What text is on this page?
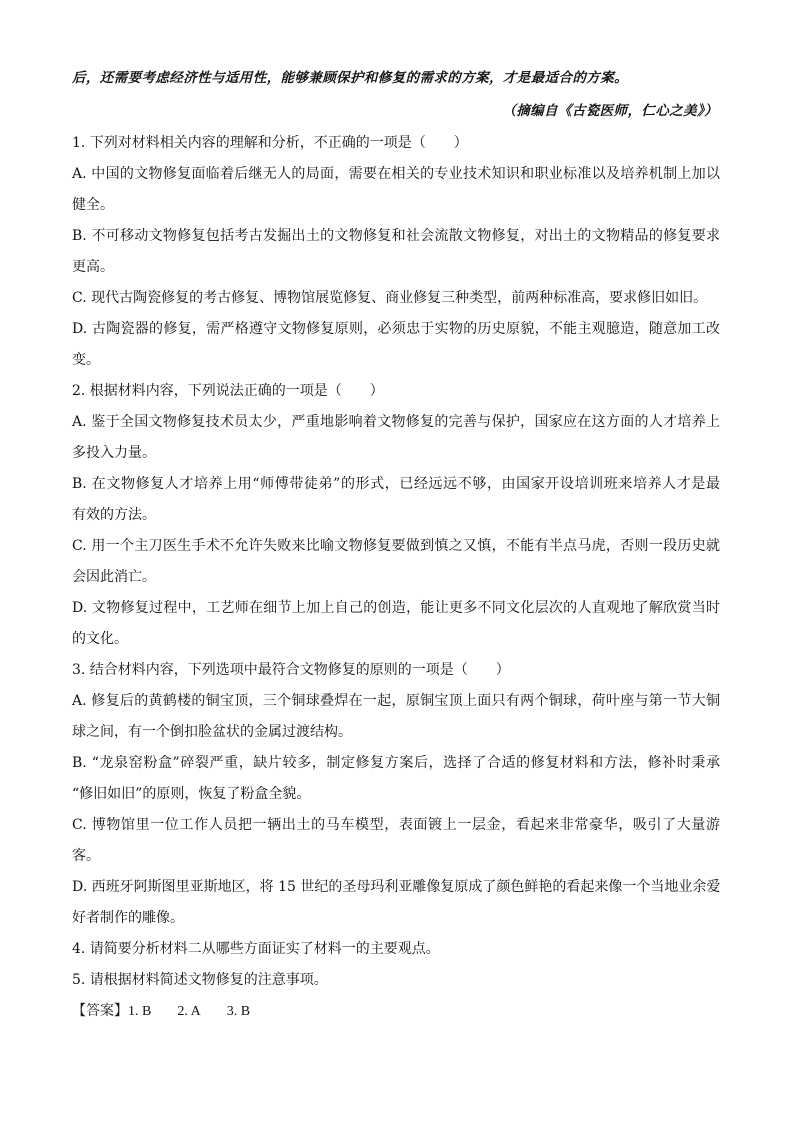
后，还需要考虑经济性与适用性，能够兼顾保护和修复的需求的方案，才是最适合的方案。
（摘编自《古瓷医师，仁心之美》）
1. 下列对材料相关内容的理解和分析，不正确的一项是（　　）
A. 中国的文物修复面临着后继无人的局面，需要在相关的专业技术知识和职业标准以及培养机制上加以
健全。
B. 不可移动文物修复包括考古发掘出土的文物修复和社会流散文物修复，对出土的文物精品的修复要求
更高。
C. 现代古陶瓷修复的考古修复、博物馆展览修复、商业修复三种类型，前两种标准高，要求修旧如旧。
D. 古陶瓷器的修复，需严格遵守文物修复原则，必须忠于实物的历史原貌，不能主观臆造，随意加工改
变。
2. 根据材料内容，下列说法正确的一项是（　　）
A. 鉴于全国文物修复技术员太少，严重地影响着文物修复的完善与保护，国家应在这方面的人才培养上
多投入力量。
B. 在文物修复人才培养上用“师傅带徒弟”的形式，已经远远不够，由国家开设培训班来培养人才是最
有效的方法。
C. 用一个主刀医生手术不允许失败来比喻文物修复要做到慎之又慎，不能有半点马虎，否则一段历史就
会因此消亡。
D. 文物修复过程中，工艺师在细节上加上自己的创造，能让更多不同文化层次的人直观地了解欣赏当时
的文化。
3. 结合材料内容，下列选项中最符合文物修复的原则的一项是（　　）
A. 修复后的黄鹤楼的铜宝顶，三个铜球叠焊在一起，原铜宝顶上面只有两个铜球，荷叶座与第一节大铜
球之间，有一个倒扣脸盆状的金属过渡结构。
B. “龙泉窑粉盒”碎裂严重，缺片较多，制定修复方案后，选择了合适的修复材料和方法，修补时秉承
“修旧如旧”的原则，恢复了粉盒全貌。
C. 博物馆里一位工作人员把一辆出土的马车模型，表面镀上一层金，看起来非常豪华，吸引了大量游
客。
D. 西班牙阿斯图里亚斯地区，将 15 世纪的圣母玛利亚雕像复原成了颜色鲜艳的看起来像一个当地业余爱
好者制作的雕像。
4. 请简要分析材料二从哪些方面证实了材料一的主要观点。
5. 请根据材料简述文物修复的注意事项。
【答案】1. B 2. A 3. B
